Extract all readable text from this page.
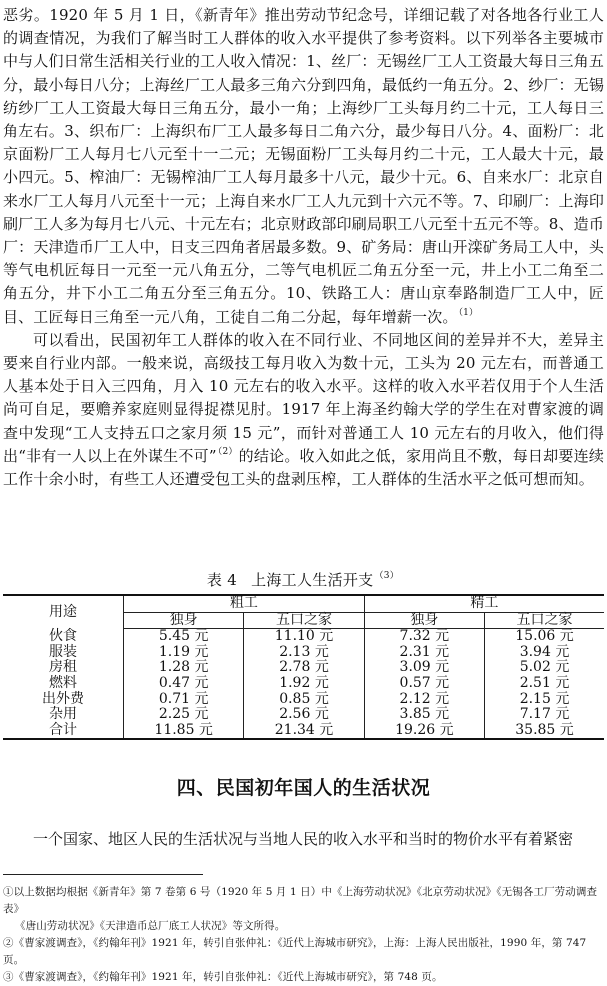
恶劣。1920 年 5 月 1 日，《新青年》推出劳动节纪念号，详细记载了对各地各行业工人的调查情况，为我们了解当时工人群体的收入水平提供了参考资料。以下列举各主要城市中与人们日常生活相关行业的工人收入情况：1、丝厂：无锡丝厂工人工资最大每日三角五分，最小每日八分；上海丝厂工人最多三角六分到四角，最低约一角五分。2、纱厂：无锡纺纱厂工人工资最大每日三角五分，最小一角；上海纱厂工头每月约二十元，工人每日三角左右。3、织布厂：上海织布厂工人最多每日二角六分，最少每日八分。4、面粉厂：北京面粉厂工人每月七八元至十一二元；无锡面粉厂工头每月约二十元，工人最大十元，最小四元。5、榨油厂：无锡榨油厂工人每月最多十八元，最少十元。6、自来水厂：北京自来水厂工人每月八元至十一元；上海自来水厂工人九元到十六元不等。7、印刷厂：上海印刷厂工人多为每月七八元、十元左右；北京财政部印刷局职工八元至十五元不等。8、造币厂：天津造币厂工人中，日支三四角者居最多数。9、矿务局：唐山开滦矿务局工人中，头等气电机匠每日一元至一元八角五分，二等气电机匠二角五分至一元，井上小工二角至二角五分，井下小工二角五分至三角五分。10、铁路工人：唐山京奉路制造厂工人中，匠目、工匠每日三角至一元八角，工徒自二角二分起，每年增薪一次。$^{(1)}$

可以看出，民国初年工人群体的收入在不同行业、不同地区间的差异并不大，差异主要来自行业内部。一般来说，高级技工每月收入为数十元，工头为 20 元左右，而普通工人基本处于日入三四角，月入 10 元左右的收入水平。这样的收入水平若仅用于个人生活尚可自足，要赡养家庭则显得捉襟见肘。1917 年上海圣约翰大学的学生在对曹家渡的调查中发现“工人支持五口之家月须 15 元”，而针对普通工人 10 元左右的月收入，他们得出“非有一人以上在外谋生不可”$^{(2)}$的结论。收入如此之低，家用尚且不敷，每日却要连续工作十余小时，有些工人还遭受包工头的盘剥压榨，工人群体的生活水平之低可想而知。

表 4 上海工人生活开支$^{(3)}$
用途	粗工		精工	
	独身	五口之家	独身	五口之家
伙食	5.45 元	11.10 元	7.32 元	15.06 元
服装	1.19 元	2.13 元	2.31 元	3.94 元
房租	1.28 元	2.78 元	3.09 元	5.02 元
燃料	0.47 元	1.92 元	0.57 元	2.51 元
出外费	0.71 元	0.85 元	2.12 元	2.15 元
杂用	2.25 元	2.56 元	3.85 元	7.17 元
合计	11.85 元	21.34 元	19.26 元	35.85 元
四、民国初年国人的生活状况
一个国家、地区人民的生活状况与当地人民的收入水平和当时的物价水平有着紧密

①以上数据均根据《新青年》第 7 卷第 6 号（1920 年 5 月 1 日）中《上海劳动状况》《北京劳动状况》《无锡各工厂劳动调查表》
《唐山劳动状况》《天津造币总厂底工人状况》等文所得。

②《曹家渡调查》，《约翰年刊》1921 年，转引自张仲礼：《近代上海城市研究》，上海：上海人民出版社，1990 年，第 747 页。

③《曹家渡调查》，《约翰年刊》1921 年，转引自张仲礼：《近代上海城市研究》，第 748 页。
